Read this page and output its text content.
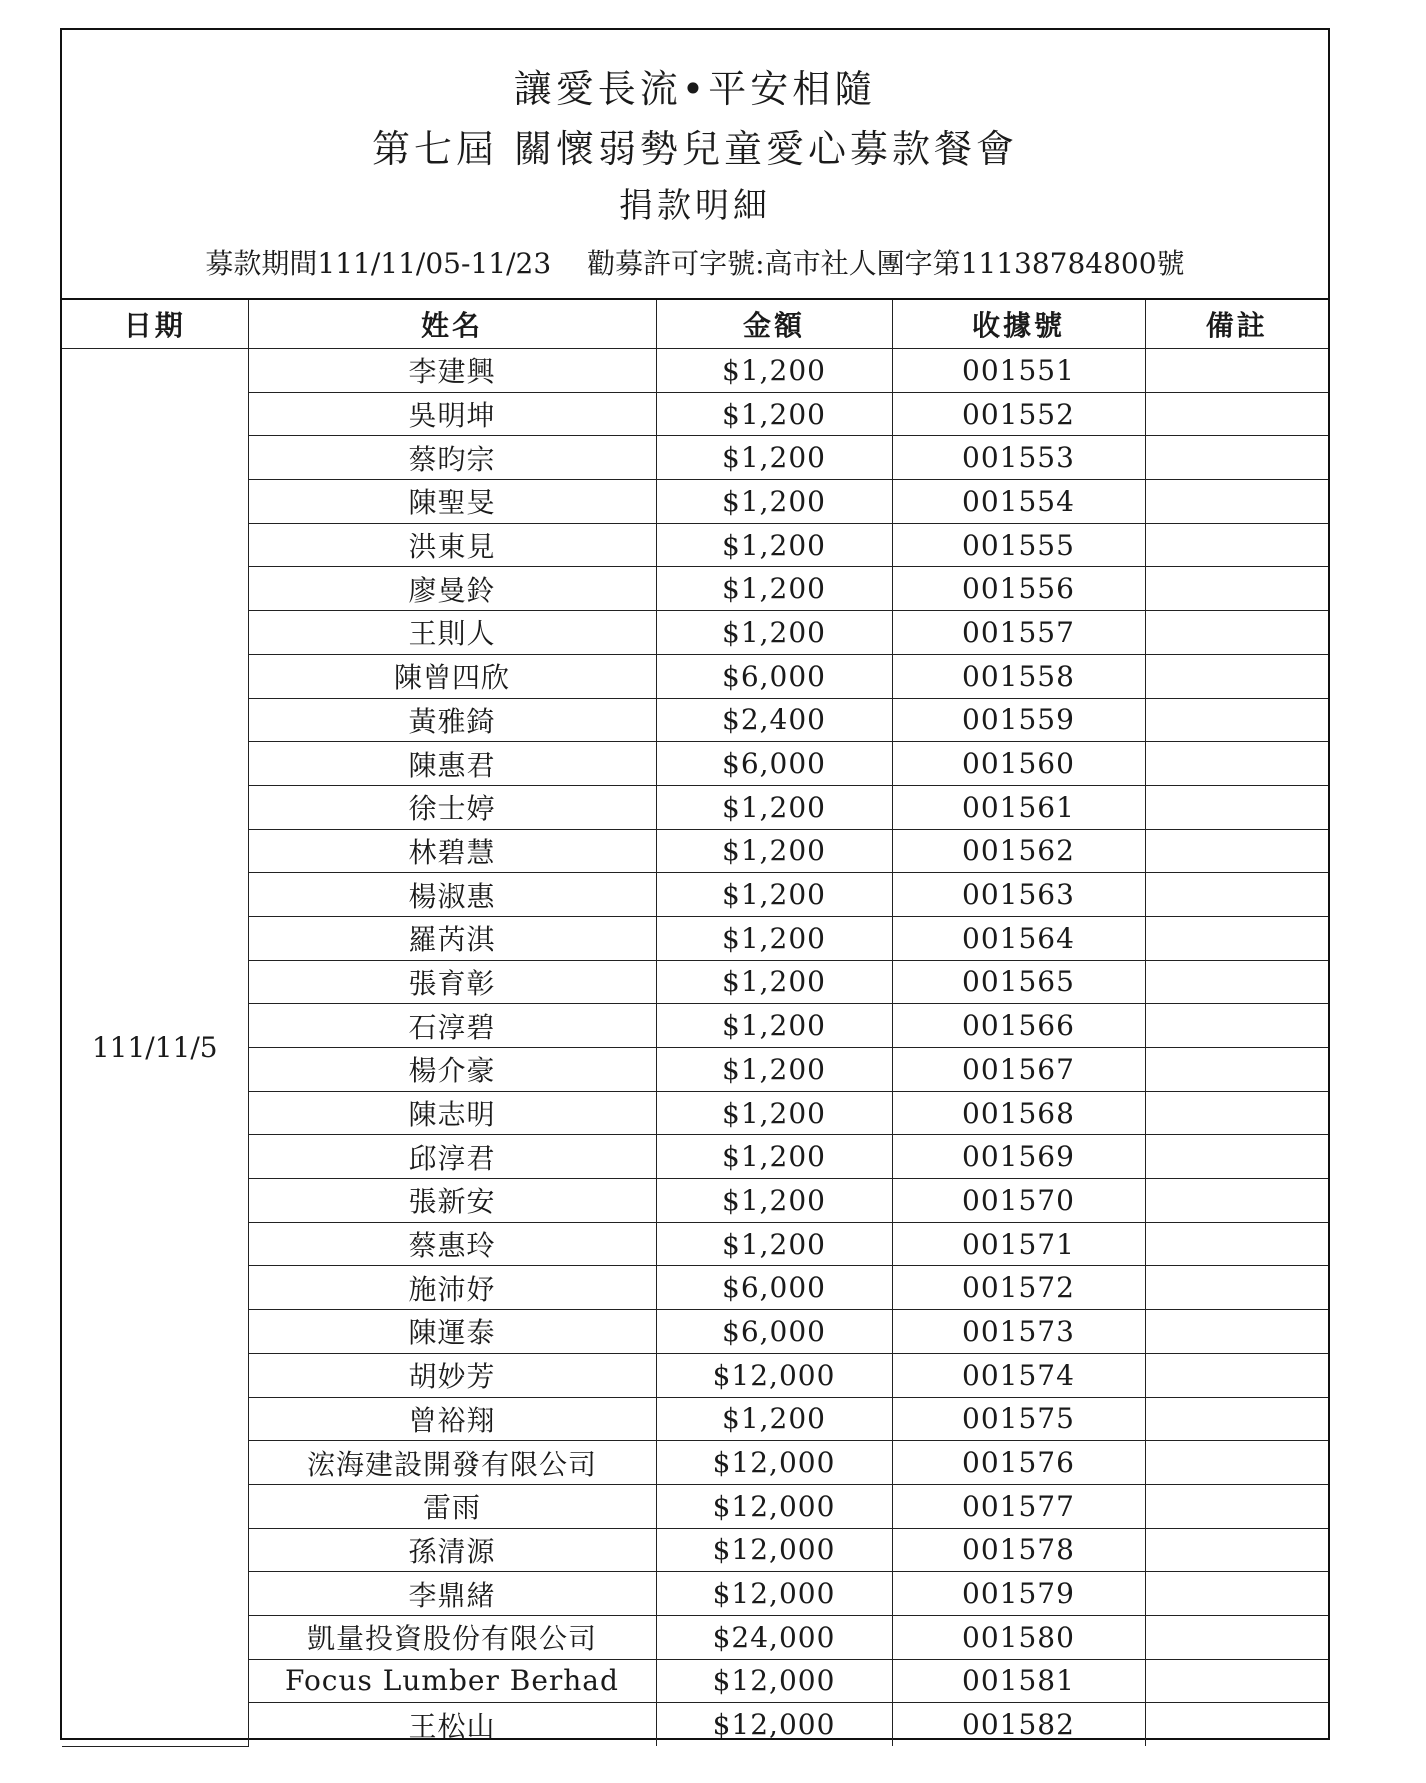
讓愛長流•平安相隨
第七屆 關懷弱勢兒童愛心募款餐會
捐款明細
募款期間111/11/05-11/23 勸募許可字號:高市社人團字第11138784800號
日期	姓名	金額	收據號	備註
111/11/5	李建興	$1,200	001551	
	吳明坤	$1,200	001552	
	蔡昀宗	$1,200	001553	
	陳聖旻	$1,200	001554	
	洪東見	$1,200	001555	
	廖曼鈴	$1,200	001556	
	王則人	$1,200	001557	
	陳曾四欣	$6,000	001558	
	黃雅錡	$2,400	001559	
	陳惠君	$6,000	001560	
	徐士婷	$1,200	001561	
	林碧慧	$1,200	001562	
	楊淑惠	$1,200	001563	
	羅芮淇	$1,200	001564	
	張育彰	$1,200	001565	
	石淳碧	$1,200	001566	
	楊介豪	$1,200	001567	
	陳志明	$1,200	001568	
	邱淳君	$1,200	001569	
	張新安	$1,200	001570	
	蔡惠玲	$1,200	001571	
	施沛妤	$6,000	001572	
	陳運泰	$6,000	001573	
	胡妙芳	$12,000	001574	
	曾裕翔	$1,200	001575	
	浤海建設開發有限公司	$12,000	001576	
	雷雨	$12,000	001577	
	孫清源	$12,000	001578	
	李鼎緒	$12,000	001579	
	凱量投資股份有限公司	$24,000	001580	
	Focus Lumber Berhad	$12,000	001581	
	王松山	$12,000	001582	
